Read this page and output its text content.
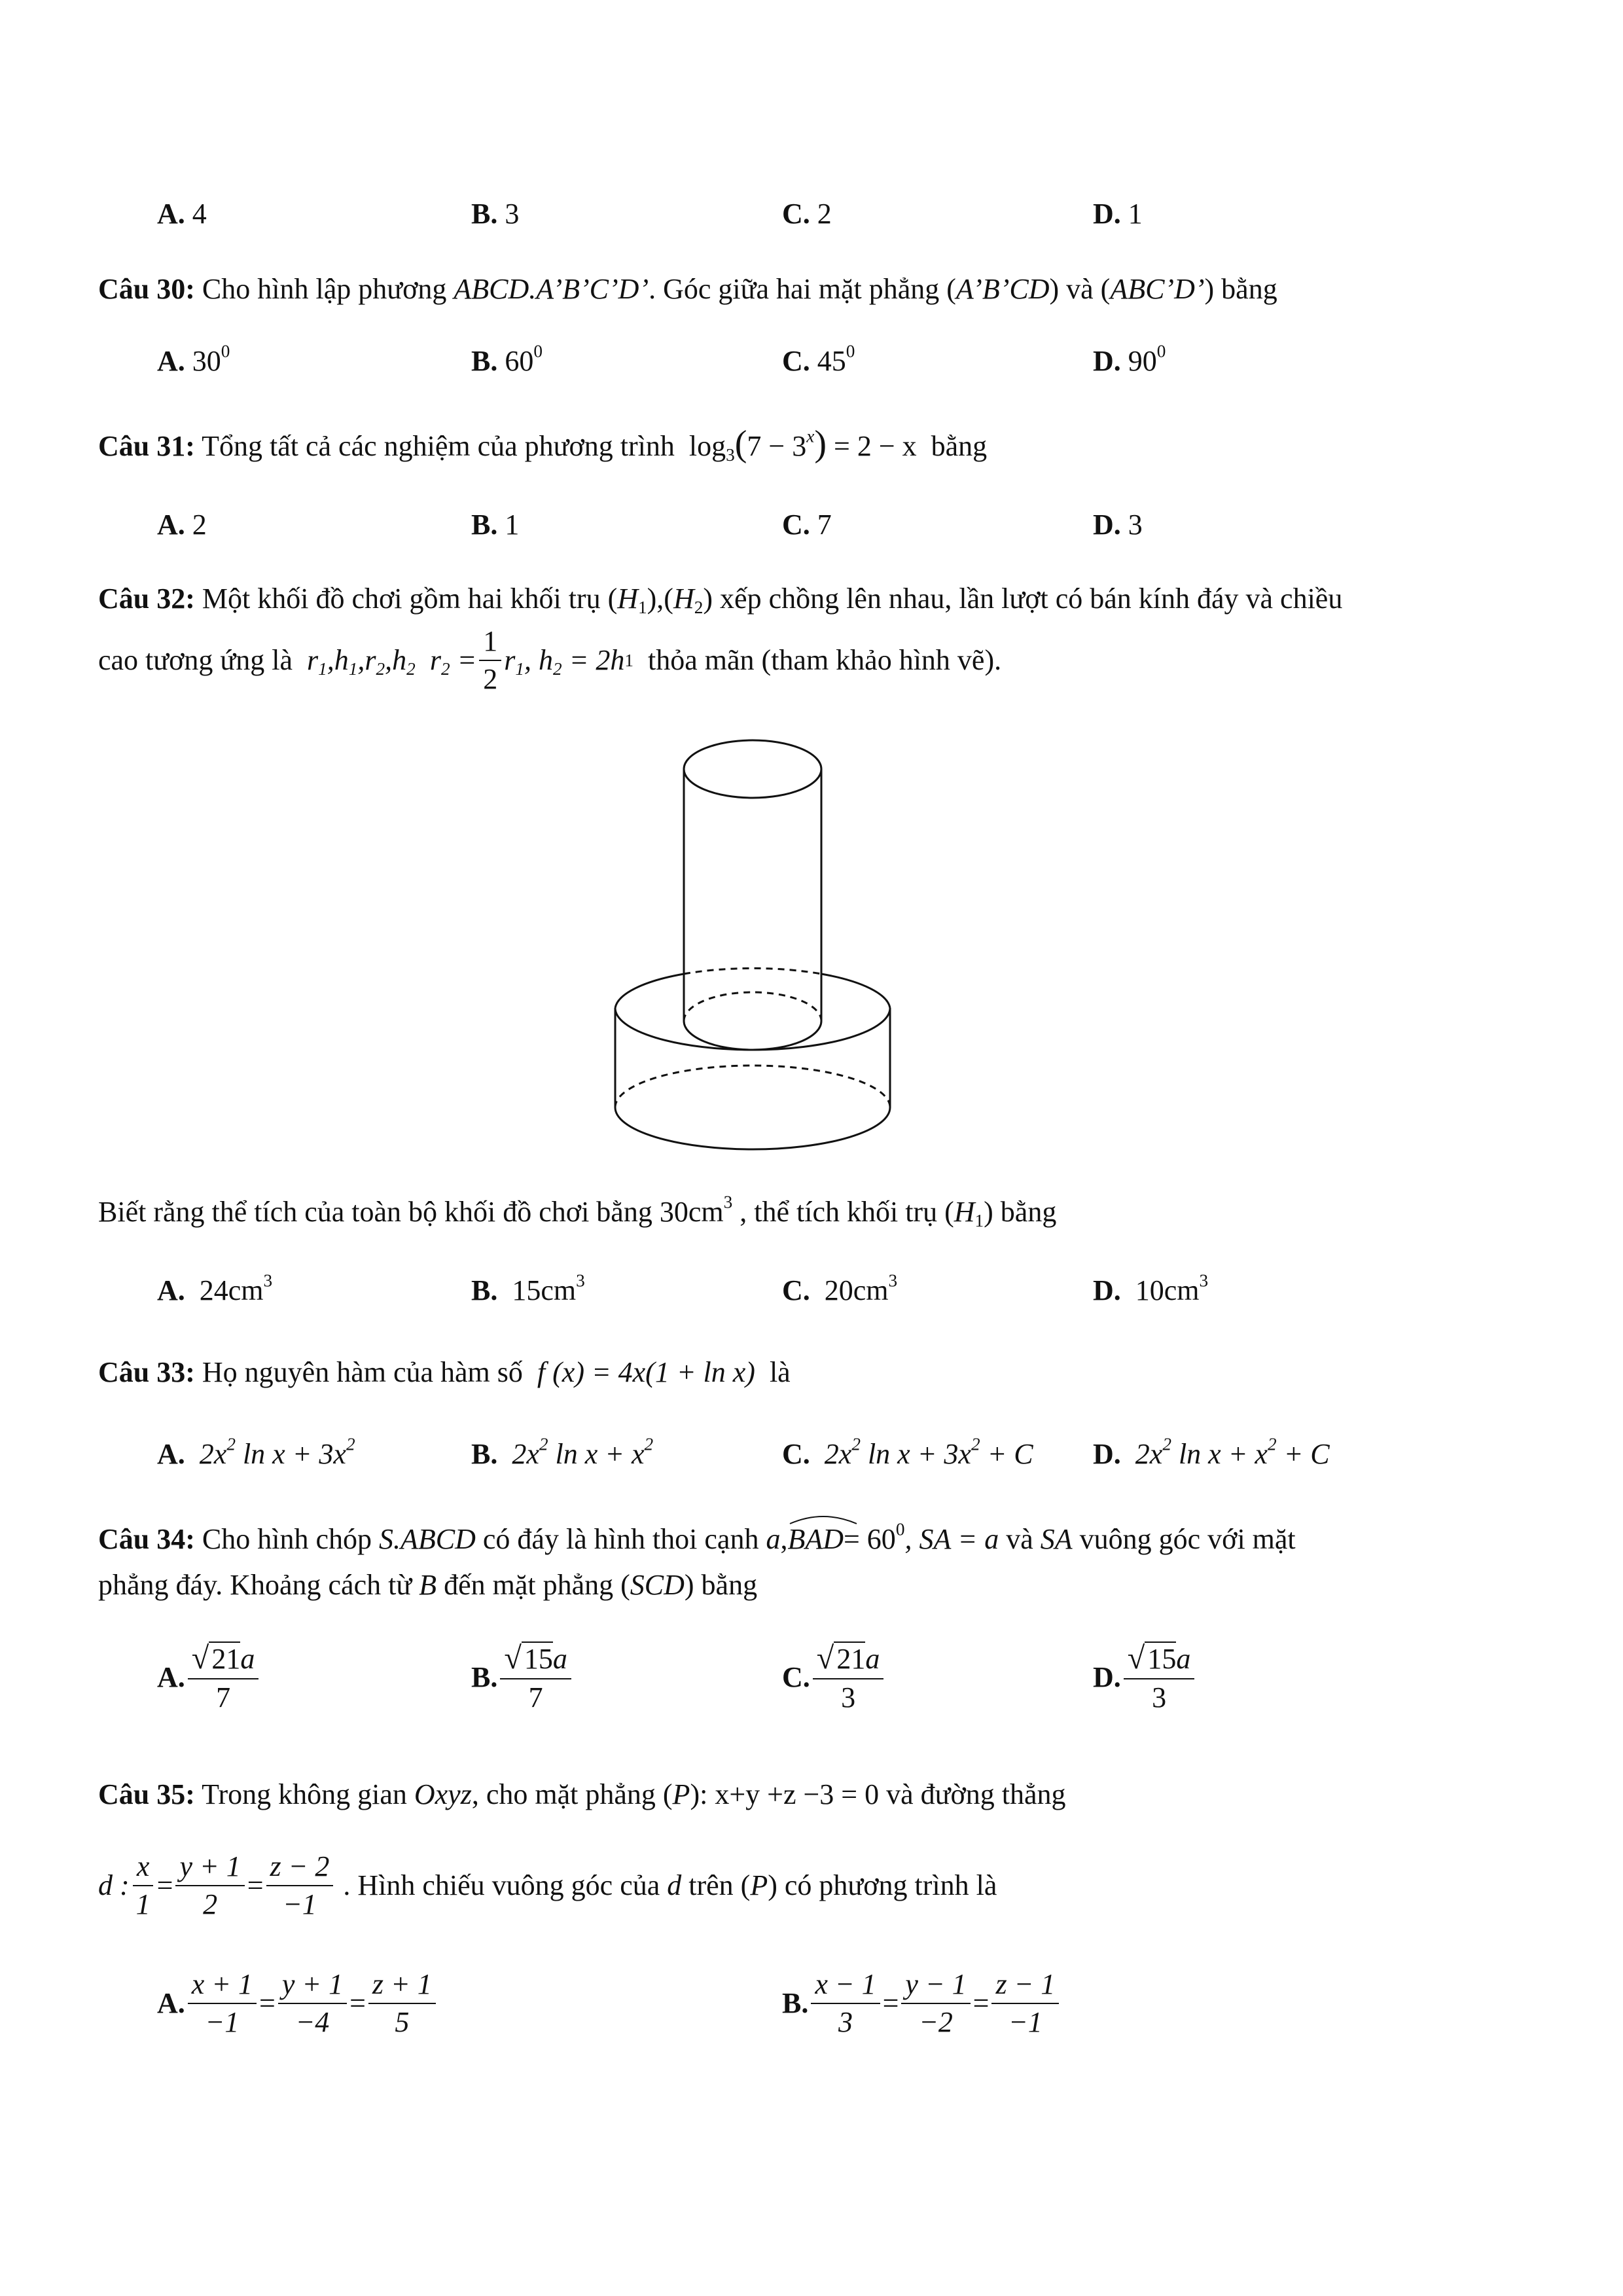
A. 4	B. 3	C. 2	D. 1
Câu 30: Cho hình lập phương ABCD.A’B’C’D’. Góc giữa hai mặt phẳng (A’B’CD) và (ABC’D’) bằng
A. $30^0$	B. $60^0$	C. $45^0$	D. $90^0$
Câu 31: Tổng tất cả các nghiệm của phương trình $\log_3(7 - 3^x) = 2 - x$ bằng
A. 2	B. 1	C. 7	D. 3
Câu 32: Một khối đồ chơi gồm hai khối trụ $(H_1),(H_2)$ xếp chồng lên nhau, lần lượt có bán kính đáy và chiều
cao tương ứng là
$r_1,h_1,r_2,h_2$  $r_2 = \frac{1}{2} r_1$, $h_2$
= 2h 1
thỏa mãn (tham khảo hình vẽ).
Biết rằng thể tích của toàn bộ khối đồ chơi bằng $30cm^3$ , thể tích khối trụ $(H_1)$ bằng
A. $24cm^3$	B. $15cm^3$	C. $20cm^3$	D. $10cm^3$
Câu 33: Họ nguyên hàm của hàm số f (x) = 4x(1 + ln x) là
A. $2x^2$ $\ln x + 3x^2$	B. $2x^2$ $\ln x + x^2$	C. $2x^2$ $\ln x + 3x^2 + C$ D. $2x^2$ $\ln x + x^2 + C$
Câu 34: Cho hình chóp S.ABCD có đáy là hình thoi cạnh a,
$BAD= 60^0$, SA = a và SA vuông góc với mặt
phẳng đáy. Khoảng cách từ B đến mặt phẳng (SCD) bằng
A. $\frac{√21a}{7}$	B. $\frac{√15a}{7}$	C. $\frac{√21a}{3}$	D. $\frac{√15a}{3}$
Câu 35: Trong không gian Oxyz, cho mặt phẳng (P): x+y +z −3 = 0 và đường thẳng
d : $\frac{x}{1} = \frac{y + 1}{2} = \frac{z - 2}{-1}$
. Hình chiếu vuông góc của
d
trên ( P ) có phương trình là
A. $\frac{x + 1}{-1} = \frac{y + 1}{-4} = \frac{z + 1}{5}$	B. $\frac{x - 1}{3} = \frac{y - 1}{-2} = \frac{z - 1}{-1}$
